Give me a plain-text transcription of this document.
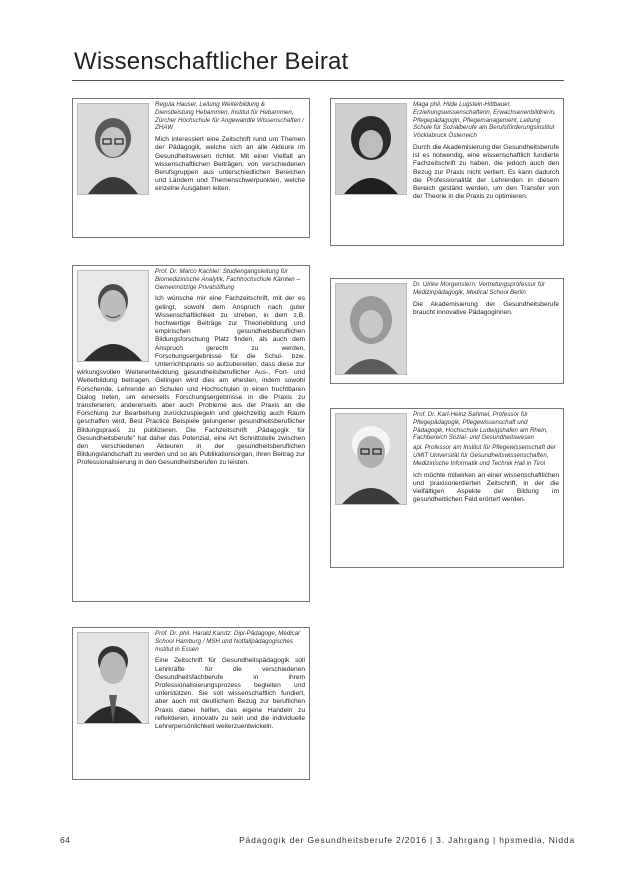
Wissenschaftlicher Beirat

Regula Hauser, Leitung Weiterbildung & Dienstleistung Hebammen, Institut für Hebammen, Zürcher Hochschule für Angewandte Wissenschaften / ZHAW

Mich interessiert eine Zeitschrift rund um Themen der Pädagogik, welche sich an alle Akteure im Gesundheitswesen richtet. Mit einer Vielfalt an wissenschaftlichen Beiträgen, von verschiedenen Berufsgruppen aus unterschiedlichen Bereichen und Ländern und Themenschwerpunkten, welche einzelne Ausgaben leiten.

Maga phil. Hilde Lugstein-Hittbauer, Erziehungswissenschafterin, Erwachsenenbildnerin, Pflegepädagogin, Pflegemanagement, Leitung Schule für Sozialberufe am Berufsförderungsinstitut Vöcklabruck Österreich

Durch die Akademisierung der Gesundheitsberufe ist es notwendig, eine wissenschaftlich fundierte Fachzeitschrift zu haben, die jedoch auch den Bezug zur Praxis nicht verliert. Es kann dadurch die Professionalität der Lehrenden in diesem Bereich gestärkt werden, um den Transfer von der Theorie in die Praxis zu optimieren.

Prof. Dr. Marco Kachler: Studiengangsleitung für Biomedizinische Analytik, Fachhochschule Kärnten – Gemeinnützige Privatstiftung

Ich wünsche mir eine Fachzeitschrift, mit der es gelingt, sowohl dem Anspruch nach guter Wissenschaftlichkeit zu streben, in dem z.B. hochwertige Beiträge zur Theoriebildung und empirischen gesundheitsberuflichen Bildungsforschung Platz finden, als auch dem Anspruch gerecht zu werden, Forschungsergebnisse für die Schul- bzw. Unterrichtspraxis so aufzubereiten, dass diese zur wirkungsvollen Weiterentwicklung gesundheitsberuflicher Aus-, Fort- und Weiterbildung beitragen. Gelingen wird dies am ehesten, indem sowohl Forschende, Lehrende an Schulen und Hochschulen in einen fruchtbaren Dialog treten, um einerseits Forschungsergebnisse in die Praxis zu transferieren, andererseits aber auch Probleme aus der Praxis an die Forschung zur Bearbeitung zurückzuspiegeln und gleichzeitig auch Raum geschaffen wird, Best Practice Beispiele gelungener gesundheitsberuflicher Bildungspraxis zu publizieren. Die Fachzeitschrift „Pädagogik für Gesundheitsberufe" hat daher das Potenzial, eine Art Schnittstelle zwischen den verschiedenen Akteuren in der gesundheitsberuflichen Bildungslandschaft zu werden und so als Publikationsorgan, ihren Beitrag zur Professionalisierung in den Gesundheitsberufen zu leisten.

Dr. Ulrike Morgenstern: Vertretungsprofessur für Medizinpädagogik, Medical School Berlin

Die Akademisierung der Gesundheitsberufe braucht innovative Pädagoginnen.

Prof. Dr. Karl-Heinz Sahmel, Professor für Pflegepädagogik, Pflegewissenschaft und Pädagogik, Hochschule Ludwigshafen am Rhein, Fachbereich Sozial- und Gesundheitswesen

apl. Professor am Institut für Pflegewissenschaft der UMIT Universität für Gesundheitswissenschaften, Medizinische Informatik und Technik Hall in Tirol

Ich möchte mitwirken an einer wissenschaftlichen und praxisorientierten Zeitschrift, in der die vielfältigen Aspekte der Bildung im gesundheitlichen Feld erörtert werden.

Prof. Dr. phil. Harald Karutz: Dipl-Pädagoge, Medical School Hamburg / MSH und Notfallpädagogisches Institut in Essen

Eine Zeitschrift für Gesundheitspädagogik soll Lehrkräfte für die verschiedenen Gesundheitsfachberufe in ihrem Professionalisierungsprozess begleiten und unterstützen. Sie soll wissenschaftlich fundiert, aber auch mit deutlichem Bezug zur beruflichen Praxis dabei helfen, das eigene Handeln zu reflektieren, innovativ zu sein und die individuelle Lehrerpersönlichkeit weiterzuentwickeln.

64	Pädagogik der Gesundheitsberufe 2/2016 | 3. Jahrgang | hpsmedia, Nidda
